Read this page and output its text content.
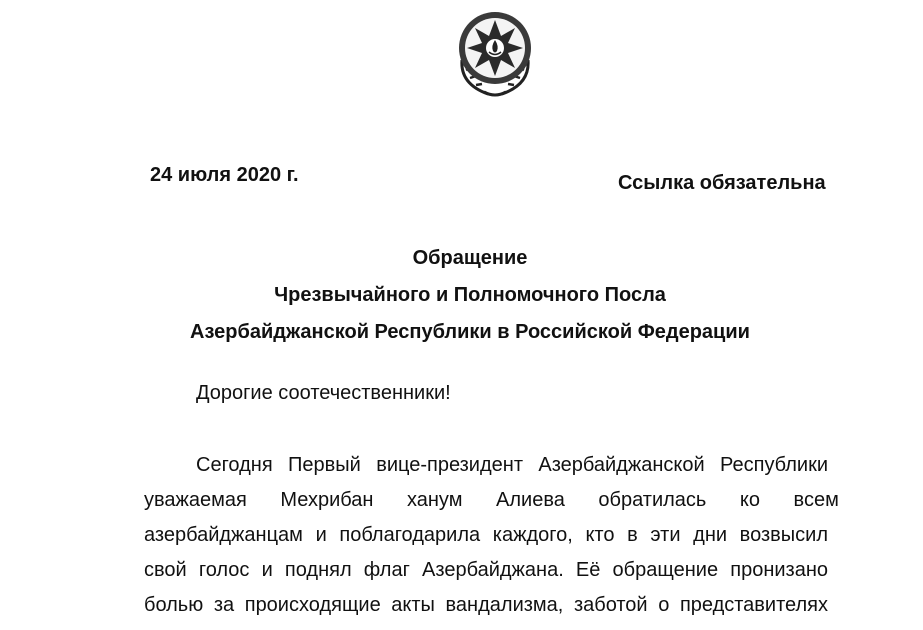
24 июля 2020 г.	Ссылка обязательна
Обращение
Чрезвычайного и Полномочного Посла
Азербайджанской Республики в Российской Федерации
Дорогие соотечественники!
Сегодня Первый вице-президент Азербайджанской Республики
уважаемая Мехрибан ханум Алиева обратилась ко всем
азербайджанцам и поблагодарила каждого, кто в эти дни возвысил
свой голос и поднял флаг Азербайджана. Её обращение пронизано
болью за происходящие акты вандализма, заботой о представителях
